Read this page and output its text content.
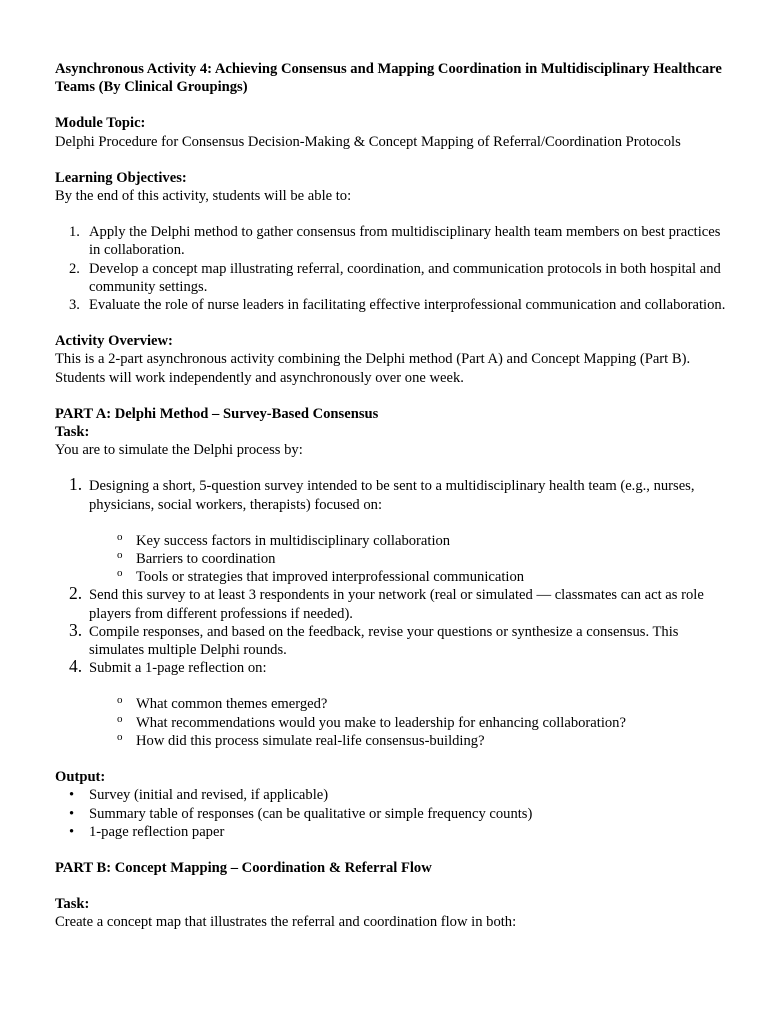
Asynchronous Activity 4: Achieving Consensus and Mapping Coordination in Multidisciplinary Healthcare Teams (By Clinical Groupings)

Module Topic:

Delphi Procedure for Consensus Decision-Making & Concept Mapping of Referral/Coordination Protocols

Learning Objectives:

By the end of this activity, students will be able to:

1. Apply the Delphi method to gather consensus from multidisciplinary health team members on best practices in collaboration.
2. Develop a concept map illustrating referral, coordination, and communication protocols in both hospital and community settings.
3. Evaluate the role of nurse leaders in facilitating effective interprofessional communication and collaboration.

Activity Overview:

This is a 2-part asynchronous activity combining the Delphi method (Part A) and Concept Mapping (Part B). Students will work independently and asynchronously over one week.

PART A: Delphi Method – Survey-Based Consensus

Task:

You are to simulate the Delphi process by:

1. Designing a short, 5-question survey intended to be sent to a multidisciplinary health team (e.g., nurses, physicians, social workers, therapists) focused on:
o Key success factors in multidisciplinary collaboration
o Barriers to coordination
o Tools or strategies that improved interprofessional communication
2. Send this survey to at least 3 respondents in your network (real or simulated — classmates can act as role players from different professions if needed).
3. Compile responses, and based on the feedback, revise your questions or synthesize a consensus. This simulates multiple Delphi rounds.
4. Submit a 1-page reflection on:
o What common themes emerged?
o What recommendations would you make to leadership for enhancing collaboration?
o How did this process simulate real-life consensus-building?

Output:

• Survey (initial and revised, if applicable)
• Summary table of responses (can be qualitative or simple frequency counts)
• 1-page reflection paper

PART B: Concept Mapping – Coordination & Referral Flow

Task:

Create a concept map that illustrates the referral and coordination flow in both:
